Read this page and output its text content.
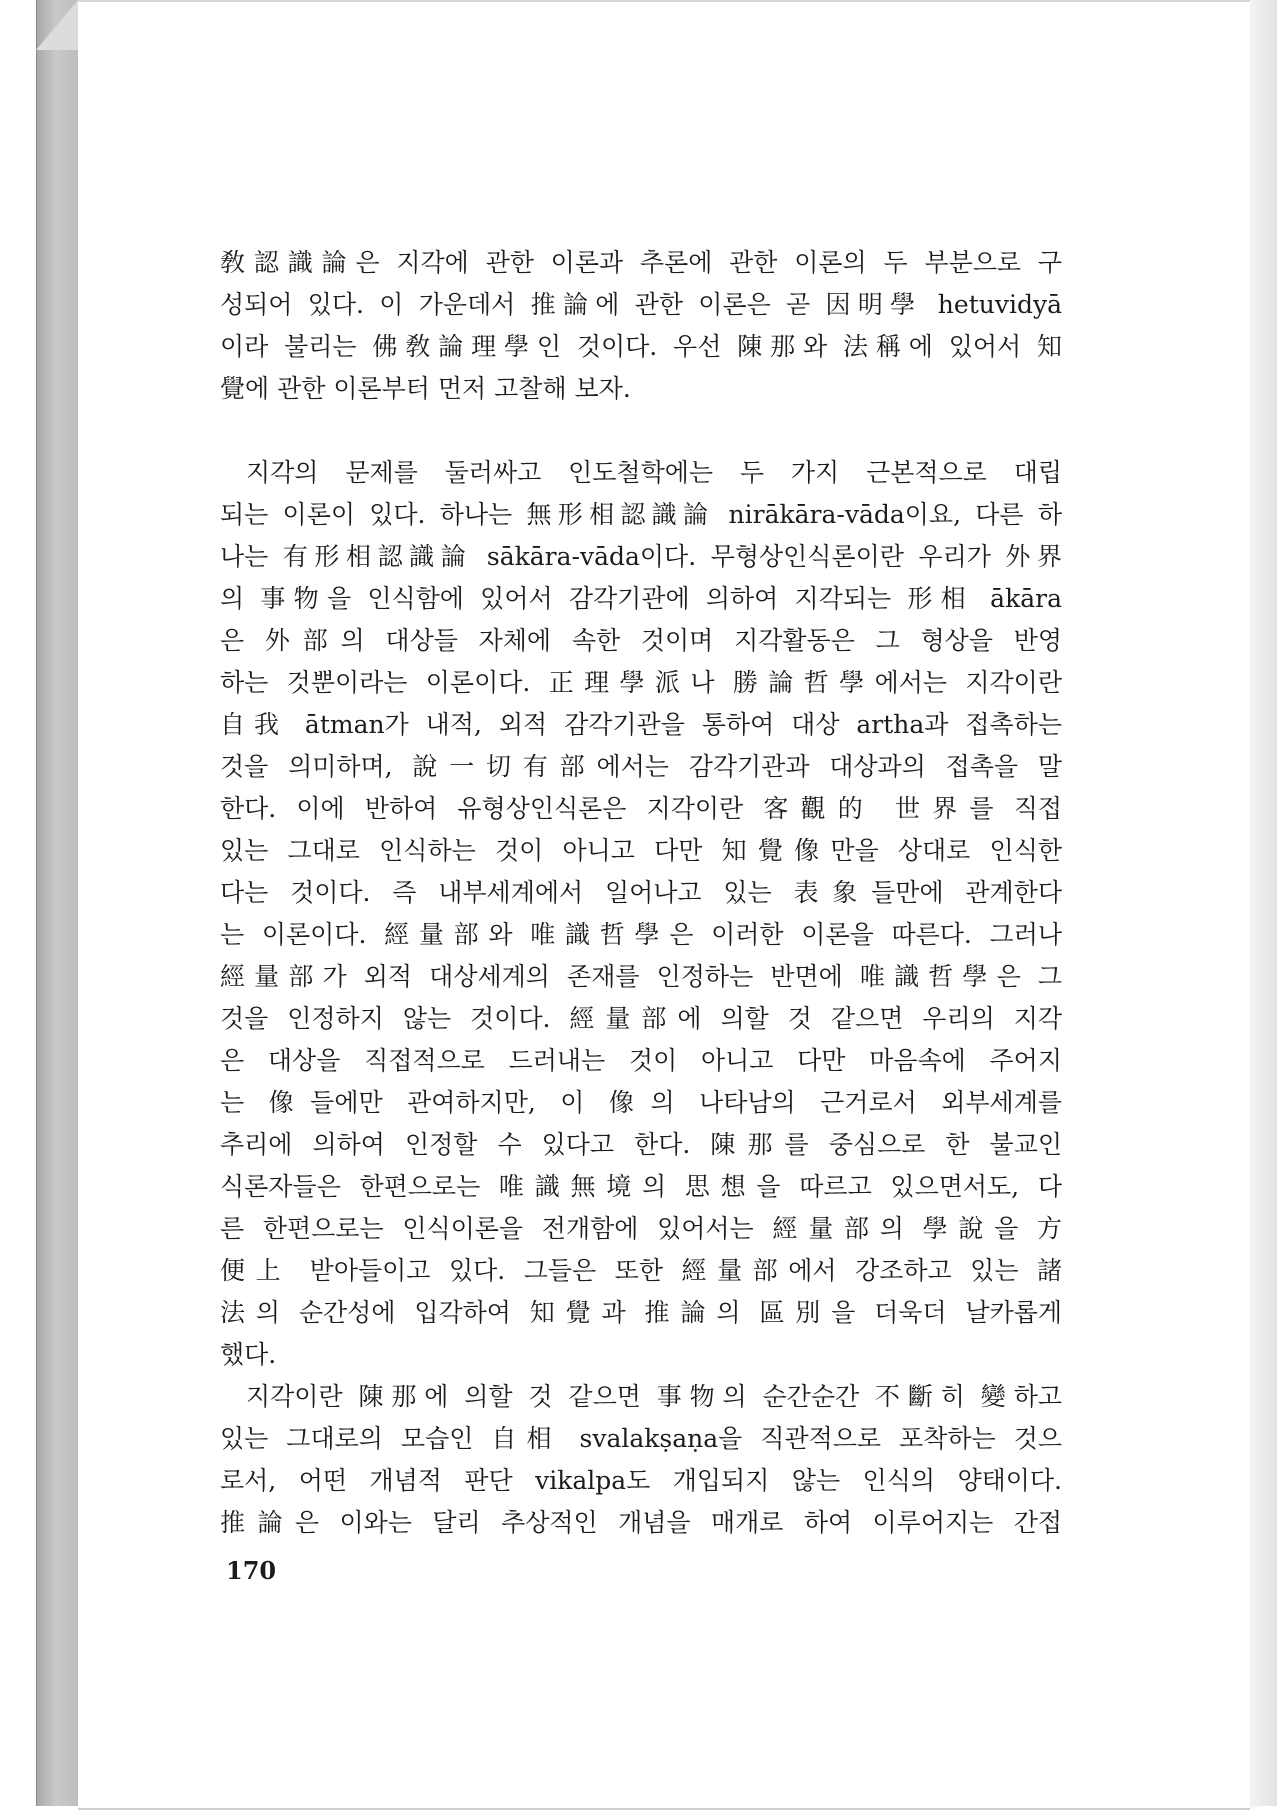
敎認識論은 지각에 관한 이론과 추론에 관한 이론의 두 부분으로 구
성되어 있다. 이 가운데서 推論에 관한 이론은 곧 因明學 hetuvidyā
이라 불리는 佛敎論理學인 것이다. 우선 陳那와 法稱에 있어서 知
覺에 관한 이론부터 먼저 고찰해 보자.
지각의 문제를 둘러싸고 인도철학에는 두 가지 근본적으로 대립
되는 이론이 있다. 하나는 無形相認識論 nirākāra-vāda이요, 다른 하
나는 有形相認識論 sākāra-vāda이다. 무형상인식론이란 우리가 外界
의 事物을 인식함에 있어서 감각기관에 의하여 지각되는 形相 ākāra
은 外部의 대상들 자체에 속한 것이며 지각활동은 그 형상을 반영
하는 것뿐이라는 이론이다. 正理學派나 勝論哲學에서는 지각이란
自我 ātman가 내적, 외적 감각기관을 통하여 대상 artha과 접촉하는
것을 의미하며, 說一切有部에서는 감각기관과 대상과의 접촉을 말
한다. 이에 반하여 유형상인식론은 지각이란 客觀的 世界를 직접
있는 그대로 인식하는 것이 아니고 다만 知覺像만을 상대로 인식한
다는 것이다. 즉 내부세계에서 일어나고 있는 表象들만에 관계한다
는 이론이다. 經量部와 唯識哲學은 이러한 이론을 따른다. 그러나
經量部가 외적 대상세계의 존재를 인정하는 반면에 唯識哲學은 그
것을 인정하지 않는 것이다. 經量部에 의할 것 같으면 우리의 지각
은 대상을 직접적으로 드러내는 것이 아니고 다만 마음속에 주어지
는 像들에만 관여하지만, 이 像의 나타남의 근거로서 외부세계를
추리에 의하여 인정할 수 있다고 한다. 陳那를 중심으로 한 불교인
식론자들은 한편으로는 唯識無境의 思想을 따르고 있으면서도, 다
른 한편으로는 인식이론을 전개함에 있어서는 經量部의 學說을 方
便上 받아들이고 있다. 그들은 또한 經量部에서 강조하고 있는 諸
法의 순간성에 입각하여 知覺과 推論의 區別을 더욱더 날카롭게
했다.
지각이란 陳那에 의할 것 같으면 事物의 순간순간 不斷히 變하고
있는 그대로의 모습인 自相 svalakṣaṇa을 직관적으로 포착하는 것으
로서, 어떤 개념적 판단 vikalpa도 개입되지 않는 인식의 양태이다.
推論은 이와는 달리 추상적인 개념을 매개로 하여 이루어지는 간접
170
